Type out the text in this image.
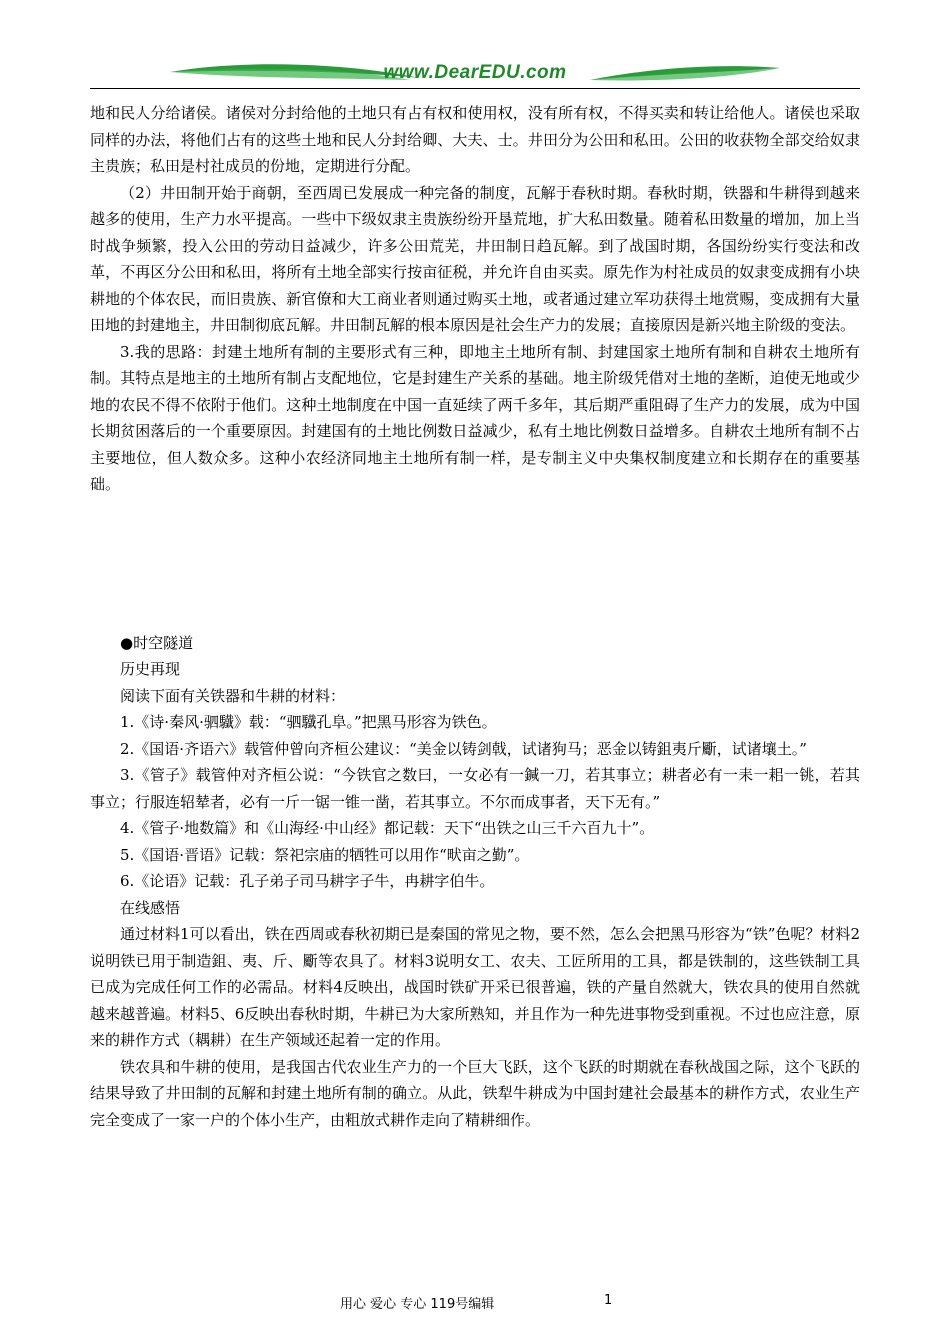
www.DearEDU.com

地和民人分给诸侯。诸侯对分封给他的土地只有占有权和使用权，没有所有权，不得买卖和转让给他人。诸侯也采取同样的办法，将他们占有的这些土地和民人分封给卿、大夫、士。井田分为公田和私田。公田的收获物全部交给奴隶主贵族；私田是村社成员的份地，定期进行分配。

（2）井田制开始于商朝，至西周已发展成一种完备的制度，瓦解于春秋时期。春秋时期，铁器和牛耕得到越来越多的使用，生产力水平提高。一些中下级奴隶主贵族纷纷开垦荒地，扩大私田数量。随着私田数量的增加，加上当时战争频繁，投入公田的劳动日益减少，许多公田荒芜，井田制日趋瓦解。到了战国时期，各国纷纷实行变法和改革，不再区分公田和私田，将所有土地全部实行按亩征税，并允许自由买卖。原先作为村社成员的奴隶变成拥有小块耕地的个体农民，而旧贵族、新官僚和大工商业者则通过购买土地，或者通过建立军功获得土地赏赐，变成拥有大量田地的封建地主，井田制彻底瓦解。井田制瓦解的根本原因是社会生产力的发展；直接原因是新兴地主阶级的变法。

3.我的思路：封建土地所有制的主要形式有三种，即地主土地所有制、封建国家土地所有制和自耕农土地所有制。其特点是地主的土地所有制占支配地位，它是封建生产关系的基础。地主阶级凭借对土地的垄断，迫使无地或少地的农民不得不依附于他们。这种土地制度在中国一直延续了两千多年，其后期严重阻碍了生产力的发展，成为中国长期贫困落后的一个重要原因。封建国有的土地比例数日益减少，私有土地比例数日益增多。自耕农土地所有制不占主要地位，但人数众多。这种小农经济同地主土地所有制一样，是专制主义中央集权制度建立和长期存在的重要基础。

●时空隧道

历史再现

阅读下面有关铁器和牛耕的材料：

1.《诗·秦风·驷驖》载：“驷驖孔阜。”把黑马形容为铁色。

2.《国语·齐语六》载管仲曾向齐桓公建议：“美金以铸剑戟，试诸狗马；恶金以铸鉏夷斤斸，试诸壤土。”

3.《管子》载管仲对齐桓公说：“今铁官之数曰，一女必有一鍼一刀，若其事立；耕者必有一耒一耜一铫，若其事立；行服连轺辇者，必有一斤一锯一锥一凿，若其事立。不尔而成事者，天下无有。”

4.《管子·地数篇》和《山海经·中山经》都记载：天下“出铁之山三千六百九十”。

5.《国语·晋语》记载：祭祀宗庙的牺牲可以用作“畎亩之勤”。

6.《论语》记载：孔子弟子司马耕字子牛，冉耕字伯牛。

在线感悟

通过材料1可以看出，铁在西周或春秋初期已是秦国的常见之物，要不然，怎么会把黑马形容为“铁”色呢？材料2说明铁已用于制造鉏、夷、斤、斸等农具了。材料3说明女工、农夫、工匠所用的工具，都是铁制的，这些铁制工具已成为完成任何工作的必需品。材料4反映出，战国时铁矿开采已很普遍，铁的产量自然就大，铁农具的使用自然就越来越普遍。材料5、6反映出春秋时期，牛耕已为大家所熟知，并且作为一种先进事物受到重视。不过也应注意，原来的耕作方式（耦耕）在生产领域还起着一定的作用。

铁农具和牛耕的使用，是我国古代农业生产力的一个巨大飞跃，这个飞跃的时期就在春秋战国之际，这个飞跃的结果导致了井田制的瓦解和封建土地所有制的确立。从此，铁犁牛耕成为中国封建社会最基本的耕作方式，农业生产完全变成了一家一户的个体小生产，由粗放式耕作走向了精耕细作。

用心 爱心 专心 119号编辑	1
